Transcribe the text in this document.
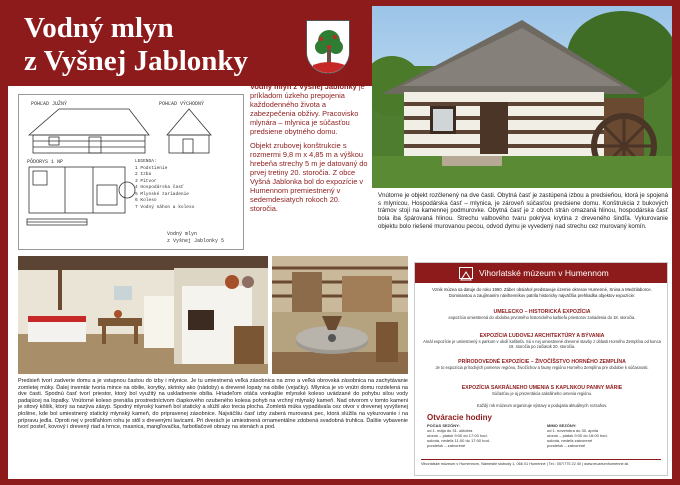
Vodný mlyn
z Vyšnej Jablonky
POHĽAD JUŽNÝ	POHĽAD VÝCHODNÝ
PÔDORYS 1 NP	LEGENDA:
1 Podstienie
2 Izba
3 Pitvor
4 Hospodárska časť
5 Mlynské zariadenie
6 Koleso
7 Vodný náhon a koleso
Vodný mlyn
z Vyšnej Jablonky 5

Vodný mlyn z Vyšnej Jablonky je príkladom úzkeho prepojenia každodenného života a zabezpečenia obživy. Pracovisko mlynára – mlynica je súčasťou predsiene obytného domu.

Objekt zrubovej konštrukcie s rozmermi 9,8 m x 4,85 m a výškou hrebeňa strechy 5 m je datovaný do prvej tretiny 20. storočia. Z obce Vyšná Jablonka bol do expozície v Humennom premiestnený v sedemdesiatych rokoch 20. storočia.

Vnútorne je objekt rozčlenený na dve časti. Obytná časť je zastúpená izbou a predsieňou, ktorá je spojená s mlynicou. Hospodárska časť – mlynica, je zároveň súčasťou predsiene domu. Konštrukcia z bukových trámov stojí na kamennej podmurovke. Obytná časť je z oboch strán omazaná hlinou, hospodárska časť bola iba špárovaná hlinou. Strechu valbového tvaru pokrýva krytina z dreveného šindľa. Vykurovanie objektu bolo riešené murovanou pecou, odvod dymu je vyvedený nad strechu cez murovaný komín.
Predsieň tvorí zadverie domu a je vstupnou častou do izby i mlynice. Je tu umiestnená veľká zásobnica na zrno a veľká obrovská zásobnica na zachytávanie zomletej múky. Ďalej inventár tvoria mince na obilie, korytky, skrinky ako (nádoby) a drevené lopaty na obilie (vejačky). Mlynica je vo vnútri domu rozdelená na dve časti. Spodnú časť tvorí priestor, ktorý bol využitý na uskladnenie obilia. Hriadeľom otáča vonkajšie mlynské koleso uvádzané do pohybu silou vody padajúcej na lopatky. Vnútorné koleso prenáša prostredníctvom čiapkového ozubeného kolesa pohyb na vrchný mlynský kameň. Nad otvorom v tomto kameni je sitový kôšik, ktorý sa nazýva zásyp. Spodný mlynský kameň bol statický a slúžil ako trecia plocha. Zomletá múka vypadávala cez otvor v drevenej vyvýšenej plošine, kde bol umiestnený statický mlynský kameň, do pripravenej zásobnice. Najväčšiu časť izby zaberá murovaná pec, ktorá slúžila na vykurovanie i na prípravu jedla. Oproti nej v protiľahlom rohu je stôl s drevenými lavicami. Pri dverách je umiestnená ornamentálne zdobená svadobná truhlica. Ďalšie vybavenie tvorí posteľ, kovový i drevený riad a hrnce, masnica, mangľovačka, farbotlačové obrazy na stenách a pod.
Vihorlatské múzeum v Humennom
Vznik múzea sa datuje do roku 1960. Záber obsiahol predstavuje územie okresov Humenné, Snina a Medzilaborce. Dominantou a zaujímaním návštevníkov patrila historicky najväčšia prehliadka objektov expozície:
UMELECKO – HISTORICKÁ EXPOZÍCIA
expozícia umiestnená do obdobia prvotného historického kaštieľa priestorov zariadenia do 18. storočia.
EXPOZÍCIA ĽUDOVEJ ARCHITEKTÚRY A BÝVANIA
Areál expozície je umiestnený s parkom v okolí kaštieľa. Sú v nej umiestnené drevené stavby z oblasti Horného Zemplína od konca 19. storočia po začiatok 20. storočia.
PRÍRODOVEDNÉ EXPOZÍCIE – ŽIVOČÍŠSTVO HORNÉHO ZEMPLÍNA
Je to expozícia prírodných pomerov regiónu, živočíchov a fauny regiónu Horného Zemplína pre obdobie k súčasnosti.
EXPOZÍCIA SAKRÁLNEHO UMENIA S KAPLNKOU PANNY MÁRIE
Súčasťou je aj prezentácia sakrálneho umenia regiónu.
Každý rok múzeum organizuje výstavy a podujatia aktuálnych rozsahov.
Otváracie hodiny
POČAS SEZÓNY:
od 1. mája do 31. októbra
utorok – piatok 9:00 do 17:00 hod.
sobota, nedeľa 11:00 do 17:00 hod.
pondelok – zatvorené
MIMO SEZÓNY:
od 1. novembra do 30. apríla
utorok – piatok 9:00 do 16:00 hod.
sobota, nedeľa zatvorené
pondelok – zatvorené
Vihorlatské múzeum v Humennom, Námestie slobody 1, 066 01 Humenné | Tel.: 057/775 22 40 | www.muzeumhumenne.sk
